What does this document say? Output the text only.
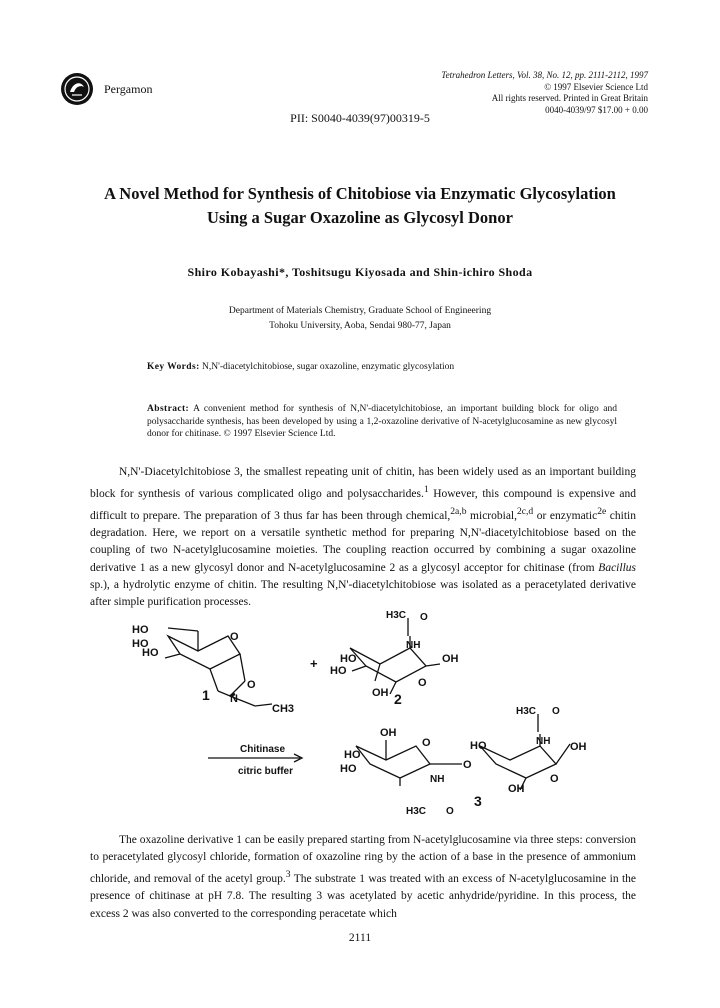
Pergamon
Tetrahedron Letters, Vol. 38, No. 12, pp. 2111-2112, 1997
© 1997 Elsevier Science Ltd
All rights reserved. Printed in Great Britain
0040-4039/97 $17.00 + 0.00
PII: S0040-4039(97)00319-5
A Novel Method for Synthesis of Chitobiose via Enzymatic Glycosylation
Using a Sugar Oxazoline as Glycosyl Donor
Shiro Kobayashi*, Toshitsugu Kiyosada and Shin-ichiro Shoda
Department of Materials Chemistry, Graduate School of Engineering
Tohoku University, Aoba, Sendai 980-77, Japan
Key Words: N,N'-diacetylchitobiose, sugar oxazoline, enzymatic glycosylation
Abstract: A convenient method for synthesis of N,N'-diacetylchitobiose, an important building block for oligo and polysaccharide synthesis, has been developed by using a 1,2-oxazoline derivative of N-acetylglucosamine as new glycosyl donor for chitinase. © 1997 Elsevier Science Ltd.
N,N'-Diacetylchitobiose 3, the smallest repeating unit of chitin, has been widely used as an important building block for synthesis of various complicated oligo and polysaccharides.$^1$ However, this compound is expensive and difficult to prepare. The preparation of 3 thus far has been through chemical,$^{2a,b}$ microbial,$^{2c,d}$ or enzymatic$^{2e}$ chitin degradation. Here, we report on a versatile synthetic method for preparing N,N'-diacetylchitobiose based on the coupling of two N-acetylglucosamine moieties. The coupling reaction occurred by combining a sugar oxazoline derivative 1 as a new glycosyl donor and N-acetylglucosamine 2 as a glycosyl acceptor for chitinase (from Bacillus sp.), a hydrolytic enzyme of chitin. The resulting N,N'-diacetylchitobiose was isolated as a peracetylated derivative after simple purification processes.
HO
HO
HO
O
O
N
CH3
1
+
H3C O
NH
OH
HO
HO
O
OH 2
Chitinase
citric buffer
OH
HO
HO
O
NH
H3C O
O
HO
H3C O
NH OH
O
OH
3
The oxazoline derivative 1 can be easily prepared starting from N-acetylglucosamine via three steps: conversion to peracetylated glycosyl chloride, formation of oxazoline ring by the action of a base in the presence of ammonium chloride, and removal of the acetyl group.$^3$ The substrate 1 was treated with an excess of N-acetylglucosamine in the presence of chitinase at pH 7.8. The resulting 3 was acetylated by acetic anhydride/pyridine. In this process, the excess 2 was also converted to the corresponding peracetate which
2111
